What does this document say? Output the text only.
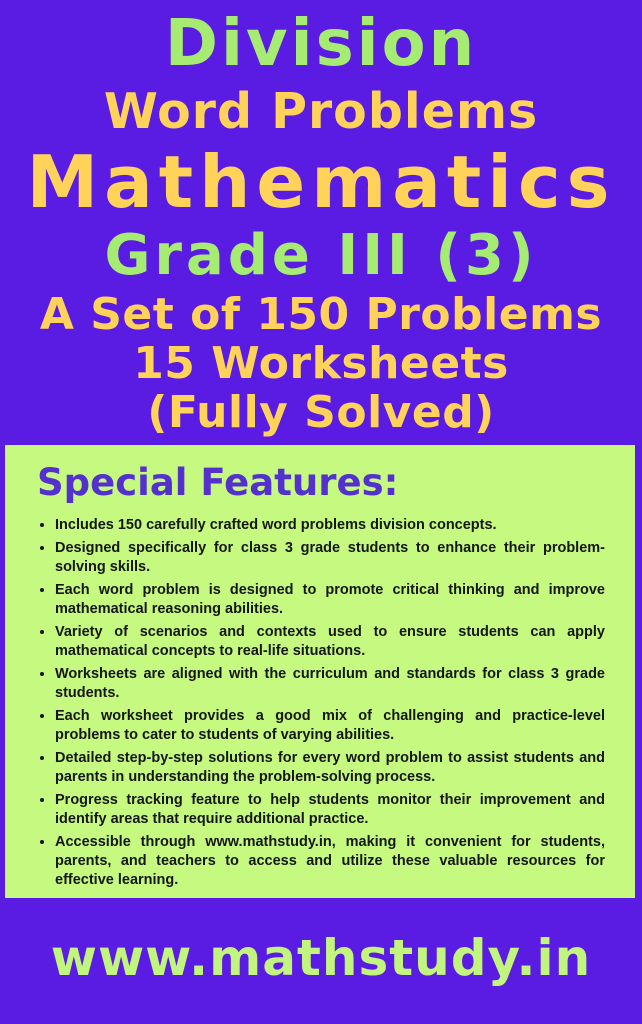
Division
Word Problems
Mathematics
Grade III (3)
A Set of 150 Problems
15 Worksheets
(Fully Solved)
Special Features:
• Includes 150 carefully crafted word problems division concepts.
• Designed specifically for class 3 grade students to enhance their problem-solving skills.
• Each word problem is designed to promote critical thinking and improve mathematical reasoning abilities.
• Variety of scenarios and contexts used to ensure students can apply mathematical concepts to real-life situations.
• Worksheets are aligned with the curriculum and standards for class 3 grade students.
• Each worksheet provides a good mix of challenging and practice-level problems to cater to students of varying abilities.
• Detailed step-by-step solutions for every word problem to assist students and parents in understanding the problem-solving process.
• Progress tracking feature to help students monitor their improvement and identify areas that require additional practice.
• Accessible through www.mathstudy.in, making it convenient for students, parents, and teachers to access and utilize these valuable resources for effective learning.
www.mathstudy.in
